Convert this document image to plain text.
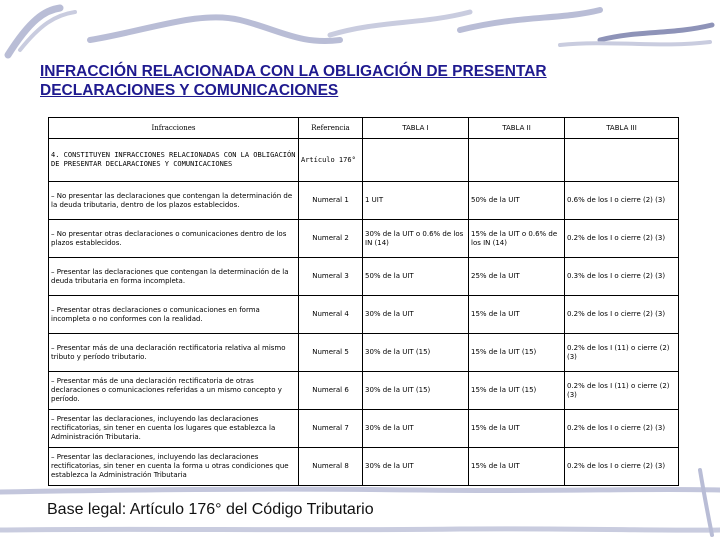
INFRACCIÓN RELACIONADA CON LA OBLIGACIÓN DE PRESENTAR DECLARACIONES Y COMUNICACIONES
Infracciones	Referencia	TABLA I	TABLA II	TABLA III
4. CONSTITUYEN INFRACCIONES RELACIONADAS CON LA OBLIGACIÓN DE PRESENTAR DECLARACIONES Y COMUNICACIONES	Artículo 176°			
– No presentar las declaraciones que contengan la determinación de la deuda tributaria, dentro de los plazos establecidos.	Numeral 1	1 UIT	50% de la UIT	0.6% de los I o cierre (2) (3)
– No presentar otras declaraciones o comunicaciones dentro de los plazos establecidos.	Numeral 2	30% de la UIT o 0.6% de los IN (14)	15% de la UIT o 0.6% de los IN (14)	0.2% de los I o cierre (2) (3)
– Presentar las declaraciones que contengan la determinación de la deuda tributaria en forma incompleta.	Numeral 3	50% de la UIT	25% de la UIT	0.3% de los I o cierre (2) (3)
– Presentar otras declaraciones o comunicaciones en forma incompleta o no conformes con la realidad.	Numeral 4	30% de la UIT	15% de la UIT	0.2% de los I o cierre (2) (3)
– Presentar más de una declaración rectificatoria relativa al mismo tributo y período tributario.	Numeral 5	30% de la UIT (15)	15% de la UIT (15)	0.2% de los I (11) o cierre (2)(3)
– Presentar más de una declaración rectificatoria de otras declaraciones o comunicaciones referidas a un mismo concepto y período.	Numeral 6	30% de la UIT (15)	15% de la UIT (15)	0.2% de los I (11) o cierre (2)(3)
– Presentar las declaraciones, incluyendo las declaraciones rectificatorias, sin tener en cuenta los lugares que establezca la Administración Tributaria.	Numeral 7	30% de la UIT	15% de la UIT	0.2% de los I o cierre (2) (3)
– Presentar las declaraciones, incluyendo las declaraciones rectificatorias, sin tener en cuenta la forma u otras condiciones que establezca la Administración Tributaria	Numeral 8	30% de la UIT	15% de la UIT	0.2% de los I o cierre (2) (3)
Base legal: Artículo 176° del Código Tributario
